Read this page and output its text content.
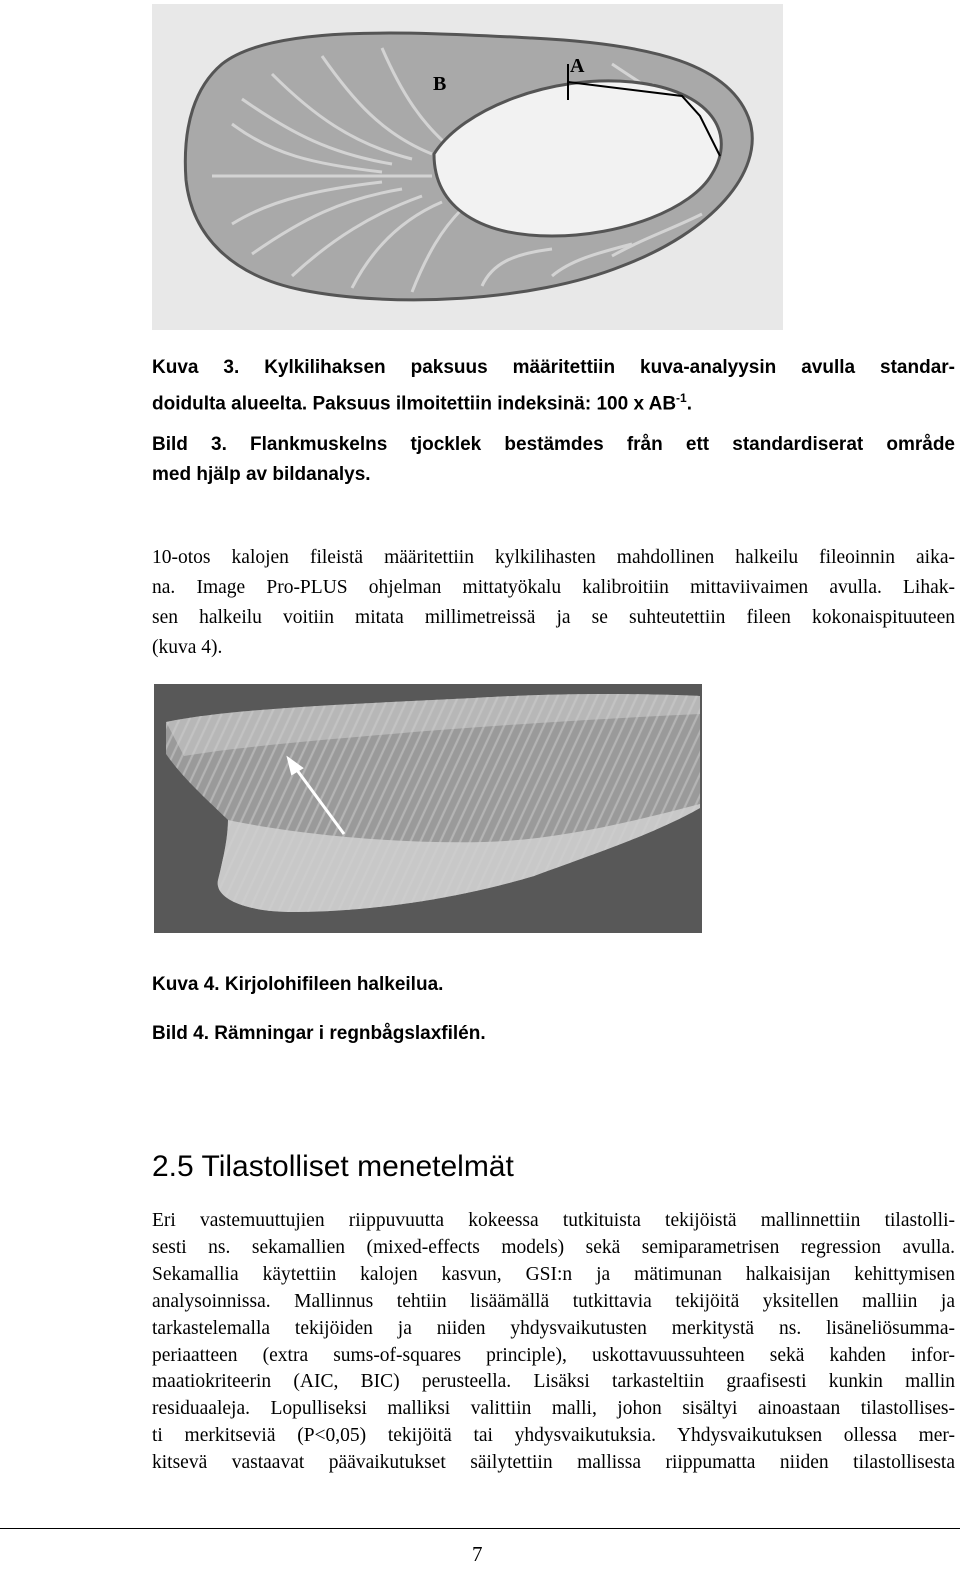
B
A
Kuva 3. Kylkilihaksen paksuus määritettiin kuva-analyysin avulla standar-
doidulta alueelta. Paksuus ilmoitettiin indeksinä: 100 x $AB^{-1}$.
Bild 3. Flankmuskelns tjocklek bestämdes från ett standardiserat område
med hjälp av bildanalys.
10-otos kalojen fileistä määritettiin kylkilihasten mahdollinen halkeilu fileoinnin aika-
na. Image Pro-PLUS ohjelman mittatyökalu kalibroitiin mittaviivaimen avulla. Lihak-
sen halkeilu voitiin mitata millimetreissä ja se suhteutettiin fileen kokonaispituuteen
(kuva 4).
Kuva 4. Kirjolohifileen halkeilua.
Bild 4. Rämningar i regnbågslaxfilén.
2.5 Tilastolliset menetelmät
Eri vastemuuttujien riippuvuutta kokeessa tutkituista tekijöistä mallinnettiin tilastolli-
sesti ns. sekamallien (mixed-effects models) sekä semiparametrisen regression avulla.
Sekamallia käytettiin kalojen kasvun, GSI:n ja mätimunan halkaisijan kehittymisen
analysoinnissa. Mallinnus tehtiin lisäämällä tutkittavia tekijöitä yksitellen malliin ja
tarkastelemalla tekijöiden ja niiden yhdysvaikutusten merkitystä ns. lisäneliösumma-
periaatteen (extra sums-of-squares principle), uskottavuussuhteen sekä kahden infor-
maatiokriteerin (AIC, BIC) perusteella. Lisäksi tarkasteltiin graafisesti kunkin mallin
residuaaleja. Lopulliseksi malliksi valittiin malli, johon sisältyi ainoastaan tilastollises-
ti merkitseviä (P<0,05) tekijöitä tai yhdysvaikutuksia. Yhdysvaikutuksen ollessa mer-
kitsevä vastaavat päävaikutukset säilytettiin mallissa riippumatta niiden tilastollisesta
7
